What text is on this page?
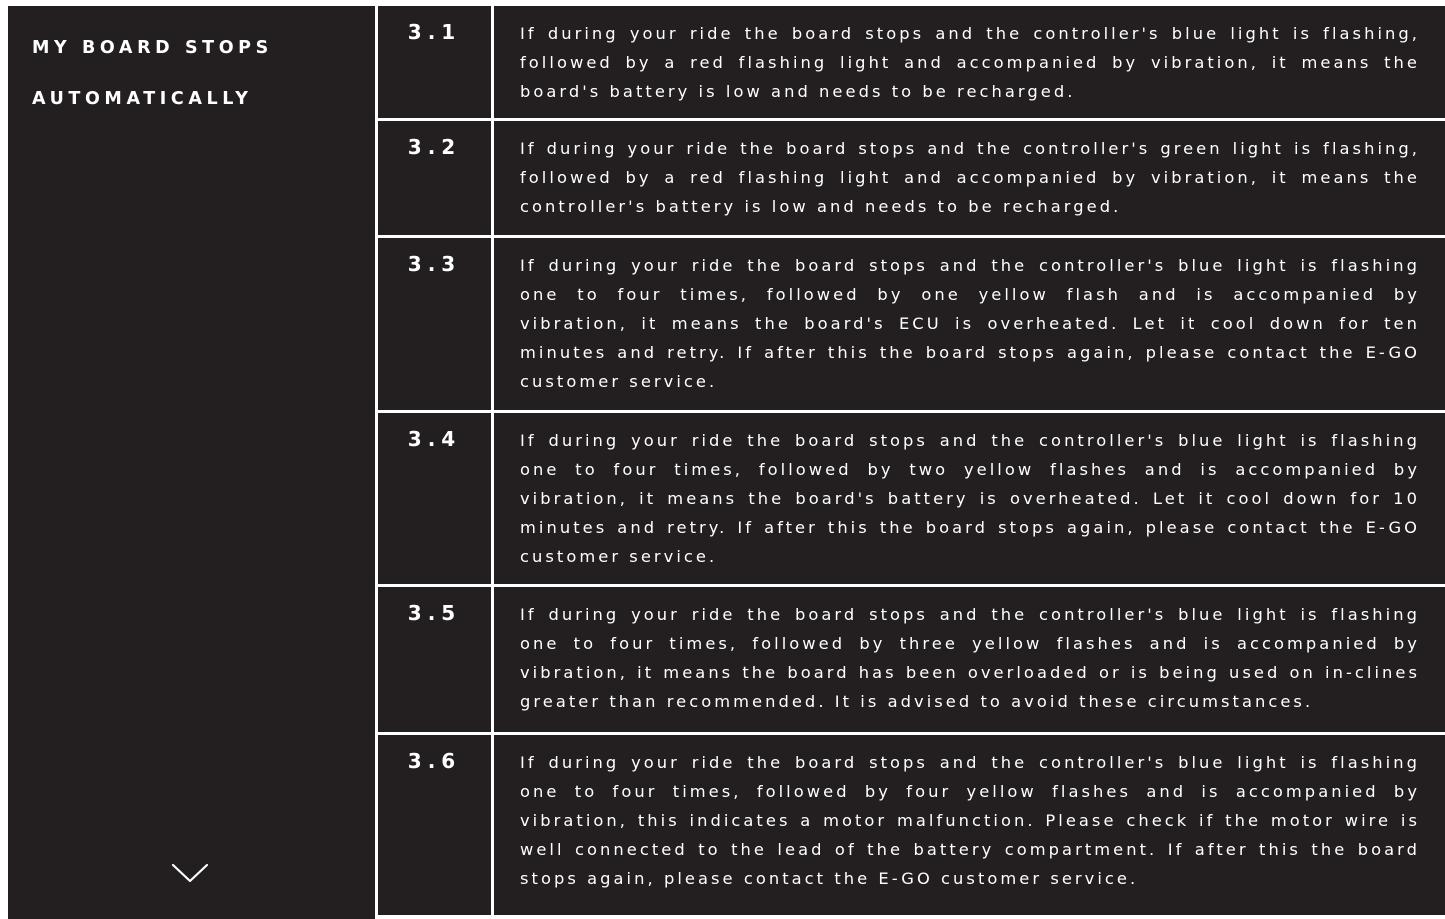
MY BOARD STOPS AUTOMATICALLY
3.1	If during your ride the board stops and the controller's blue light is flashing, followed by a red flashing light and accompanied by vibration, it means the board's battery is low and needs to be recharged.
3.2	If during your ride the board stops and the controller's green light is flashing, followed by a red flashing light and accompanied by vibration, it means the controller's battery is low and needs to be recharged.
3.3	If during your ride the board stops and the controller's blue light is flashing one to four times, followed by one yellow flash and is accompanied by vibration, it means the board's ECU is overheated. Let it cool down for ten minutes and retry. If after this the board stops again, please contact the E-GO customer service.
3.4	If during your ride the board stops and the controller's blue light is flashing one to four times, followed by two yellow flashes and is accompanied by vibration, it means the board's battery is overheated. Let it cool down for 10 minutes and retry. If after this the board stops again, please contact the E-GO customer service.
3.5	If during your ride the board stops and the controller's blue light is flashing one to four times, followed by three yellow flashes and is accompanied by vibration, it means the board has been overloaded or is being used on in-clines greater than recommended. It is advised to avoid these circumstances.
3.6	If during your ride the board stops and the controller's blue light is flashing one to four times, followed by four yellow flashes and is accompanied by vibration, this indicates a motor malfunction. Please check if the motor wire is well connected to the lead of the battery compartment. If after this the board stops again, please contact the E-GO customer service.
